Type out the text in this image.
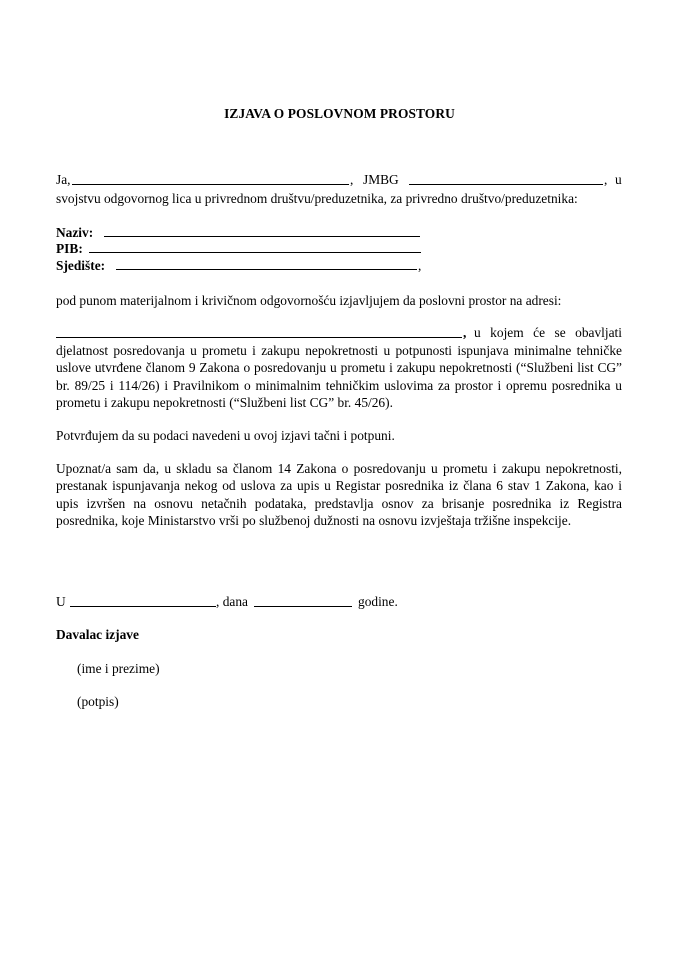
IZJAVA O POSLOVNOM PROSTORU
Ja,	, JMBG	, u
svojstvu odgovornog lica u privrednom društvu/preduzetnika, za privredno društvo/preduzetnika:
Naziv:
PIB:
Sjedište:	,
pod punom materijalnom i krivičnom odgovornošću izjavljujem da poslovni prostor na adresi:
, u kojem će se obavljati
djelatnost posredovanja u prometu i zakupu nepokretnosti u potpunosti ispunjava minimalne tehničke uslove utvrđene članom 9 Zakona o posredovanju u prometu i zakupu nepokretnosti (“Službeni list CG” br. 89/25 i 114/26) i Pravilnikom o minimalnim tehničkim uslovima za prostor i opremu posrednika u prometu i zakupu nepokretnosti (“Službeni list CG” br. 45/26).
Potvrđujem da su podaci navedeni u ovoj izjavi tačni i potpuni.
Upoznat/a sam da, u skladu sa članom 14 Zakona o posredovanju u prometu i zakupu nepokretnosti, prestanak ispunjavanja nekog od uslova za upis u Registar posrednika iz člana 6 stav 1 Zakona, kao i upis izvršen na osnovu netačnih podataka, predstavlja osnov za brisanje posrednika iz Registra posrednika, koje Ministarstvo vrši po službenoj dužnosti na osnovu izvještaja tržišne inspekcije.
U	, dana	godine.
Davalac izjave
(ime i prezime)
(potpis)
